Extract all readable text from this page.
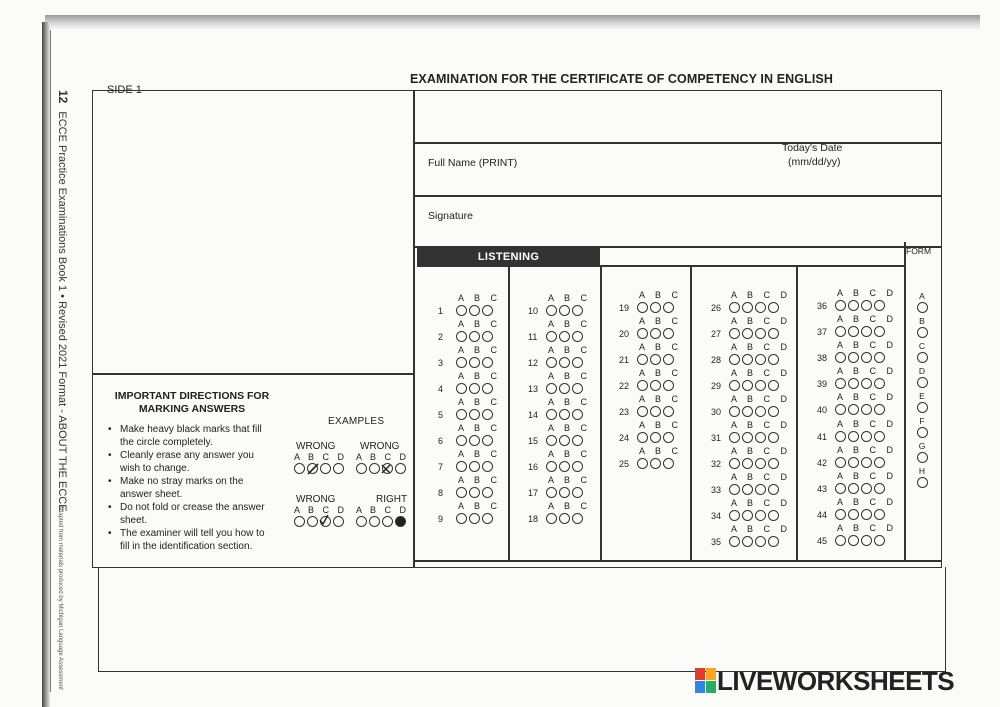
12ECCE Practice Examinations Book 1 • Revised 2021 Format - ABOUT THE ECCE
Adapted from materials produced by Michigan Language Assessment
SIDE 1
EXAMINATION FOR THE CERTIFICATE OF COMPETENCY IN ENGLISH
Full Name (PRINT)
Today's Date
(mm/dd/yy)
Signature
LISTENING	FORM
A B C
1
A B C
2
A B C
3
A B C
4
A B C
5
A B C
6
A B C
7
A B C
8
A B C
9
A B C
10
A B C
11
A B C
12
A B C
13
A B C
14
A B C
15
A B C
16
A B C
17
A B C
18
A B C
19
A B C
20
A B C
21
A B C
22
A B C
23
A B C
24
A B C
25
A B C D
26
A B C D
27
A B C D
28
A B C D
29
A B C D
30
A B C D
31
A B C D
32
A B C D
33
A B C D
34
A B C D
35
A B C D
36
A B C D
37
A B C D
38
A B C D
39
A B C D
40
A B C D
41
A B C D
42
A B C D
43
A B C D
44
A B C D
45
A
B
C
D
E
F
G
H
IMPORTANT DIRECTIONS FOR MARKING ANSWERS
• Make heavy black marks that fill the circle completely.
• Cleanly erase any answer you wish to change.
• Make no stray marks on the answer sheet.
• Do not fold or crease the answer sheet.
• The examiner will tell you how to fill in the identification section.
EXAMPLES
WRONG
A B C D
WRONG
A B C D
WRONG
A B C D
RIGHT
A B C D
LIVEWORKSHEETS
